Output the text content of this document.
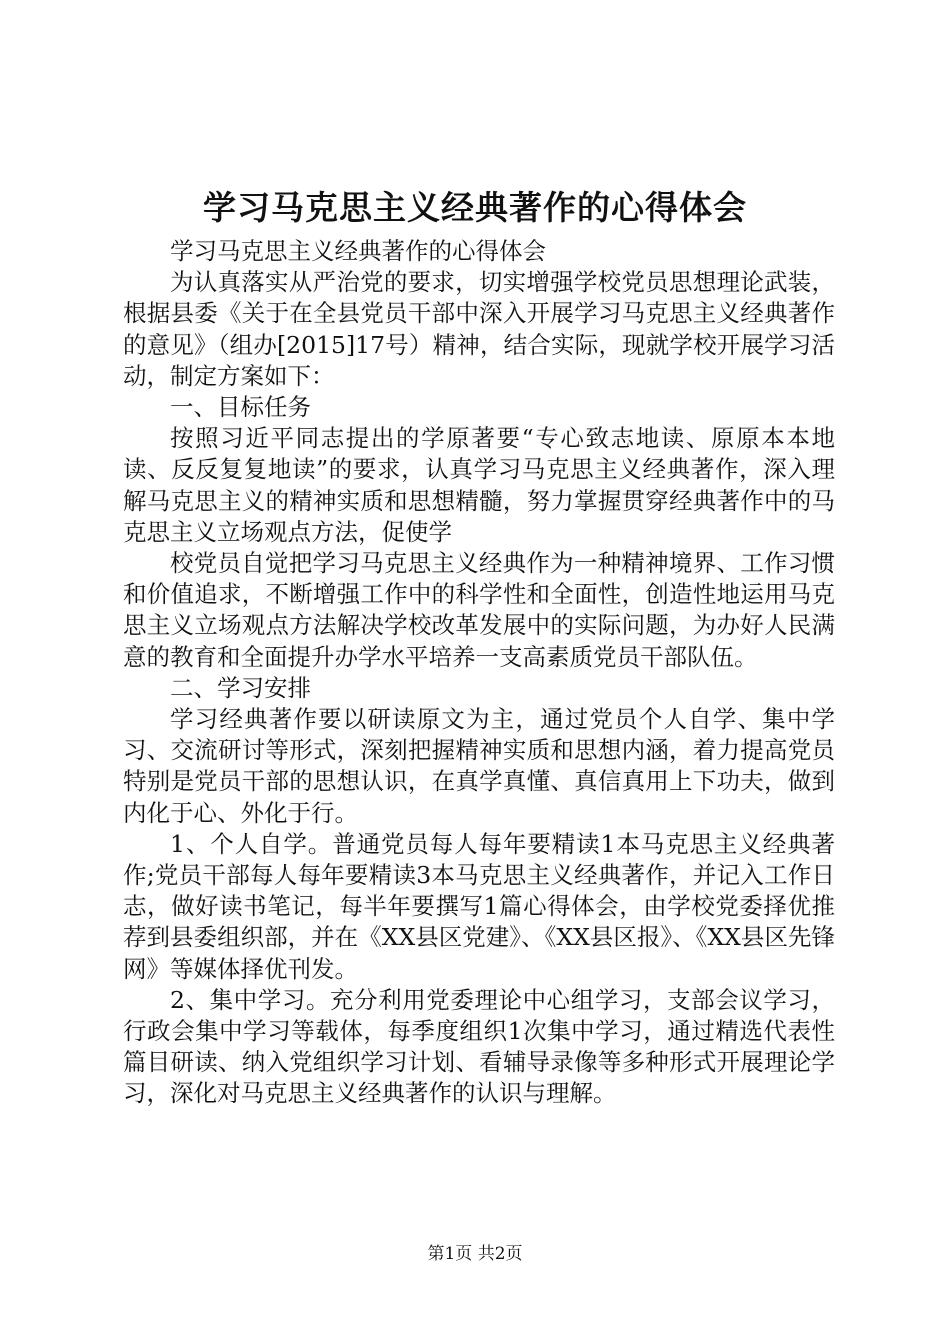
学习马克思主义经典著作的心得体会

学习马克思主义经典著作的心得体会

为认真落实从严治党的要求，切实增强学校党员思想理论武装，根据县委《关于在全县党员干部中深入开展学习马克思主义经典著作的意见》（组办[2015]17号）精神，结合实际，现就学校开展学习活动，制定方案如下：

一、目标任务

按照习近平同志提出的学原著要“专心致志地读、原原本本地读、反反复复地读”的要求，认真学习马克思主义经典著作，深入理解马克思主义的精神实质和思想精髓，努力掌握贯穿经典著作中的马克思主义立场观点方法，促使学

校党员自觉把学习马克思主义经典作为一种精神境界、工作习惯和价值追求，不断增强工作中的科学性和全面性，创造性地运用马克思主义立场观点方法解决学校改革发展中的实际问题，为办好人民满意的教育和全面提升办学水平培养一支高素质党员干部队伍。

二、学习安排

学习经典著作要以研读原文为主，通过党员个人自学、集中学习、交流研讨等形式，深刻把握精神实质和思想内涵，着力提高党员特别是党员干部的思想认识，在真学真懂、真信真用上下功夫，做到内化于心、外化于行。

1、个人自学。普通党员每人每年要精读1本马克思主义经典著作;党员干部每人每年要精读3本马克思主义经典著作，并记入工作日志，做好读书笔记，每半年要撰写1篇心得体会，由学校党委择优推荐到县委组织部，并在《XX县区党建》、《XX县区报》、《XX县区先锋网》等媒体择优刊发。

2、集中学习。充分利用党委理论中心组学习，支部会议学习，行政会集中学习等载体，每季度组织1次集中学习，通过精选代表性篇目研读、纳入党组织学习计划、看辅导录像等多种形式开展理论学习，深化对马克思主义经典著作的认识与理解。

第1页 共2页
